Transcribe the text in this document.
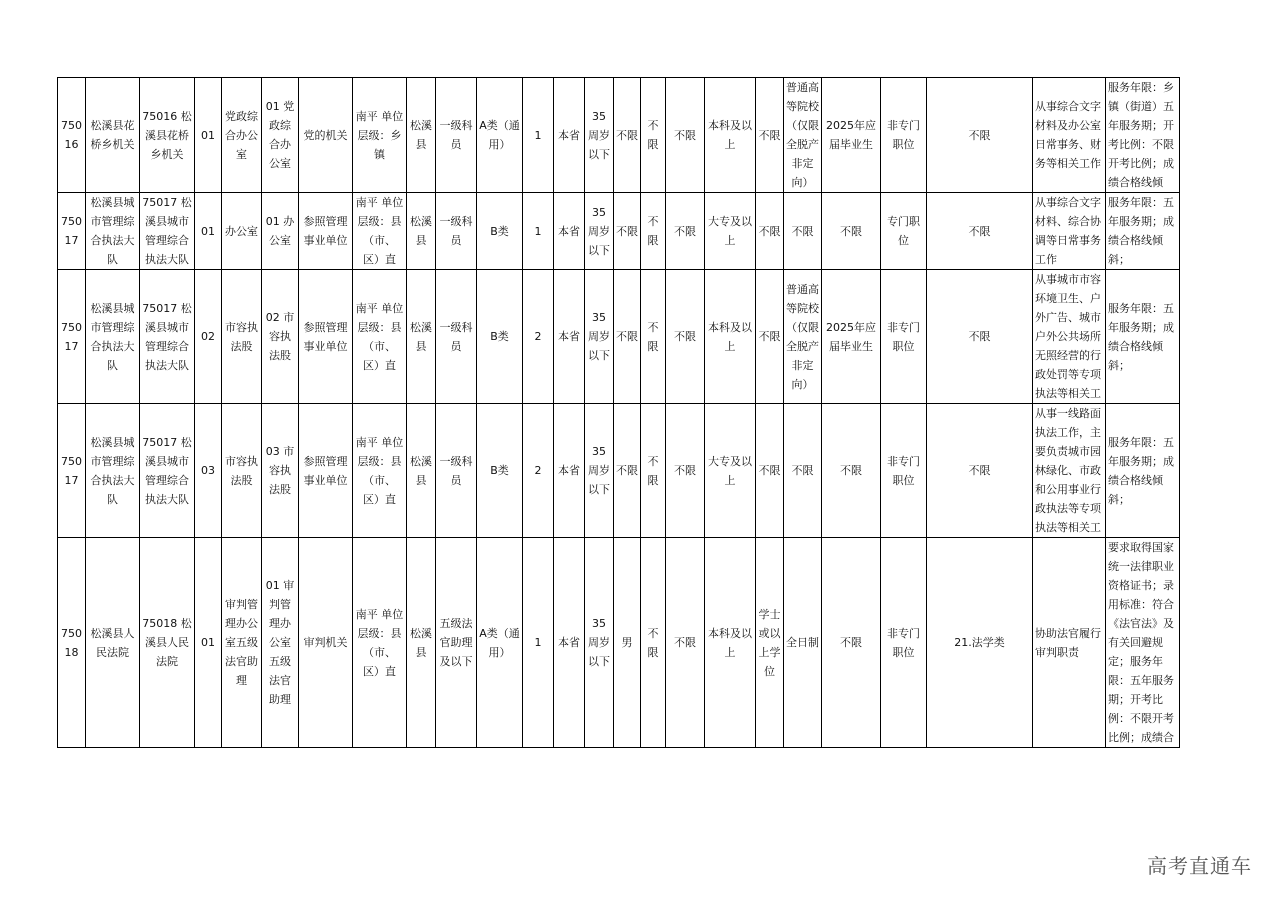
75016	松溪县花桥乡机关	75016 松溪县花桥乡机关	01	党政综合办公室	01 党政综合办公室	党的机关	南平 单位层级：乡镇	松溪县	一级科员	A类（通用）	1	本省	35周岁以下	不限	不限	不限	本科及以上	不限	普通高等院校（仅限全脱产非定向）	2025年应届毕业生	非专门职位	不限	从事综合文字材料及办公室日常事务、财务等相关工作	服务年限：乡镇（街道）五年服务期；开考比例：不限开考比例；成绩合格线倾

75017	松溪县城市管理综合执法大队	75017 松溪县城市管理综合执法大队	01	办公室	01 办公室	参照管理事业单位	南平 单位层级：县（市、区）直	松溪县	一级科员	B类	1	本省	35周岁以下	不限	不限	不限	大专及以上	不限	不限	不限	专门职位	不限	从事综合文字材料、综合协调等日常事务工作	服务年限：五年服务期；成绩合格线倾斜；

75017	松溪县城市管理综合执法大队	75017 松溪县城市管理综合执法大队	02	市容执法股	02 市容执法股	参照管理事业单位	南平 单位层级：县（市、区）直	松溪县	一级科员	B类	2	本省	35周岁以下	不限	不限	不限	本科及以上	不限	普通高等院校（仅限全脱产非定向）	2025年应届毕业生	非专门职位	不限	从事城市市容环境卫生、户外广告、城市户外公共场所无照经营的行政处罚等专项执法等相关工	服务年限：五年服务期；成绩合格线倾斜；

75017	松溪县城市管理综合执法大队	75017 松溪县城市管理综合执法大队	03	市容执法股	03 市容执法股	参照管理事业单位	南平 单位层级：县（市、区）直	松溪县	一级科员	B类	2	本省	35周岁以下	不限	不限	不限	大专及以上	不限	不限	不限	非专门职位	不限	从事一线路面执法工作，主要负责城市园林绿化、市政和公用事业行政执法等专项执法等相关工	服务年限：五年服务期；成绩合格线倾斜；

75018	松溪县人民法院	75018 松溪县人民法院	01	审判管理办公室五级法官助理	01 审判管理办公室五级法官助理	审判机关	南平 单位层级：县（市、区）直	松溪县	五级法官助理及以下	A类（通用）	1	本省	35周岁以下	男	不限	不限	本科及以上	学士或以上学位	全日制	不限	非专门职位	21.法学类	协助法官履行审判职责	要求取得国家统一法律职业资格证书；录用标准：符合《法官法》及有关回避规定；服务年限：五年服务期；开考比例：不限开考比例；成绩合
高考直通车
